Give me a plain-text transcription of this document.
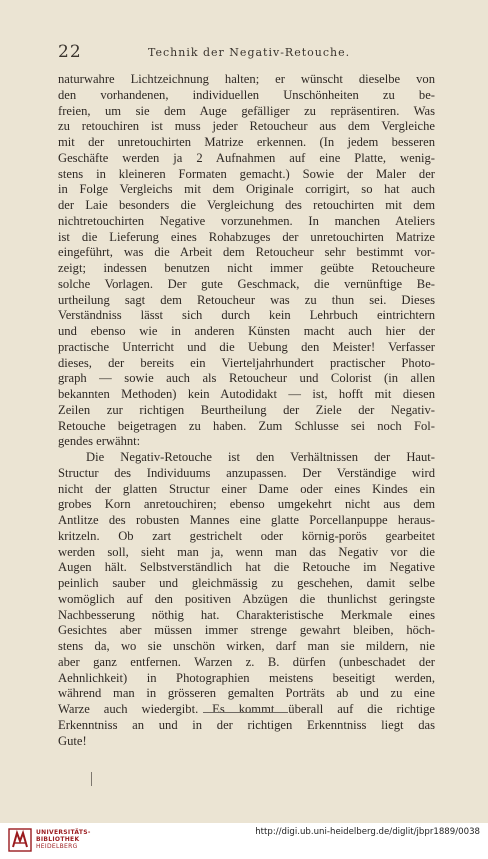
22	Technik der Negativ-Retouche.
naturwahre Lichtzeichnung halten; er wünscht dieselbe von
den vorhandenen, individuellen Unschönheiten zu be-
freien, um sie dem Auge gefälliger zu repräsentiren. Was
zu retouchiren ist muss jeder Retoucheur aus dem Vergleiche
mit der unretouchirten Matrize erkennen. (In jedem besseren
Geschäfte werden ja 2 Aufnahmen auf eine Platte, wenig-
stens in kleineren Formaten gemacht.) Sowie der Maler der
in Folge Vergleichs mit dem Originale corrigirt, so hat auch
der Laie besonders die Vergleichung des retouchirten mit dem
nichtretouchirten Negative vorzunehmen. In manchen Ateliers
ist die Lieferung eines Rohabzuges der unretouchirten Matrize
eingeführt, was die Arbeit dem Retoucheur sehr bestimmt vor-
zeigt; indessen benutzen nicht immer geübte Retoucheure
solche Vorlagen. Der gute Geschmack, die vernünftige Be-
urtheilung sagt dem Retoucheur was zu thun sei. Dieses
Verständniss lässt sich durch kein Lehrbuch eintrichtern
und ebenso wie in anderen Künsten macht auch hier der
practische Unterricht und die Uebung den Meister! Verfasser
dieses, der bereits ein Vierteljahrhundert practischer Photo-
graph — sowie auch als Retoucheur und Colorist (in allen
bekannten Methoden) kein Autodidakt — ist, hofft mit diesen
Zeilen zur richtigen Beurtheilung der Ziele der Negativ-
Retouche beigetragen zu haben. Zum Schlusse sei noch Fol-
gendes erwähnt:
Die Negativ-Retouche ist den Verhältnissen der Haut-
Structur des Individuums anzupassen. Der Verständige wird
nicht der glatten Structur einer Dame oder eines Kindes ein
grobes Korn anretouchiren; ebenso umgekehrt nicht aus dem
Antlitze des robusten Mannes eine glatte Porcellanpuppe heraus-
kritzeln. Ob zart gestrichelt oder körnig-porös gearbeitet
werden soll, sieht man ja, wenn man das Negativ vor die
Augen hält. Selbstverständlich hat die Retouche im Negative
peinlich sauber und gleichmässig zu geschehen, damit selbe
womöglich auf den positiven Abzügen die thunlichst geringste
Nachbesserung nöthig hat. Charakteristische Merkmale eines
Gesichtes aber müssen immer strenge gewahrt bleiben, höch-
stens da, wo sie unschön wirken, darf man sie mildern, nie
aber ganz entfernen. Warzen z. B. dürfen (unbeschadet der
Aehnlichkeit) in Photographien meistens beseitigt werden,
während man in grösseren gemalten Porträts ab und zu eine
Warze auch wiedergibt. Es kommt überall auf die richtige
Erkenntniss an und in der richtigen Erkenntniss liegt das
Gute!
UNIVERSITÄTS-
BIBLIOTHEK
HEIDELBERG
http://digi.ub.uni-heidelberg.de/diglit/jbpr1889/0038
